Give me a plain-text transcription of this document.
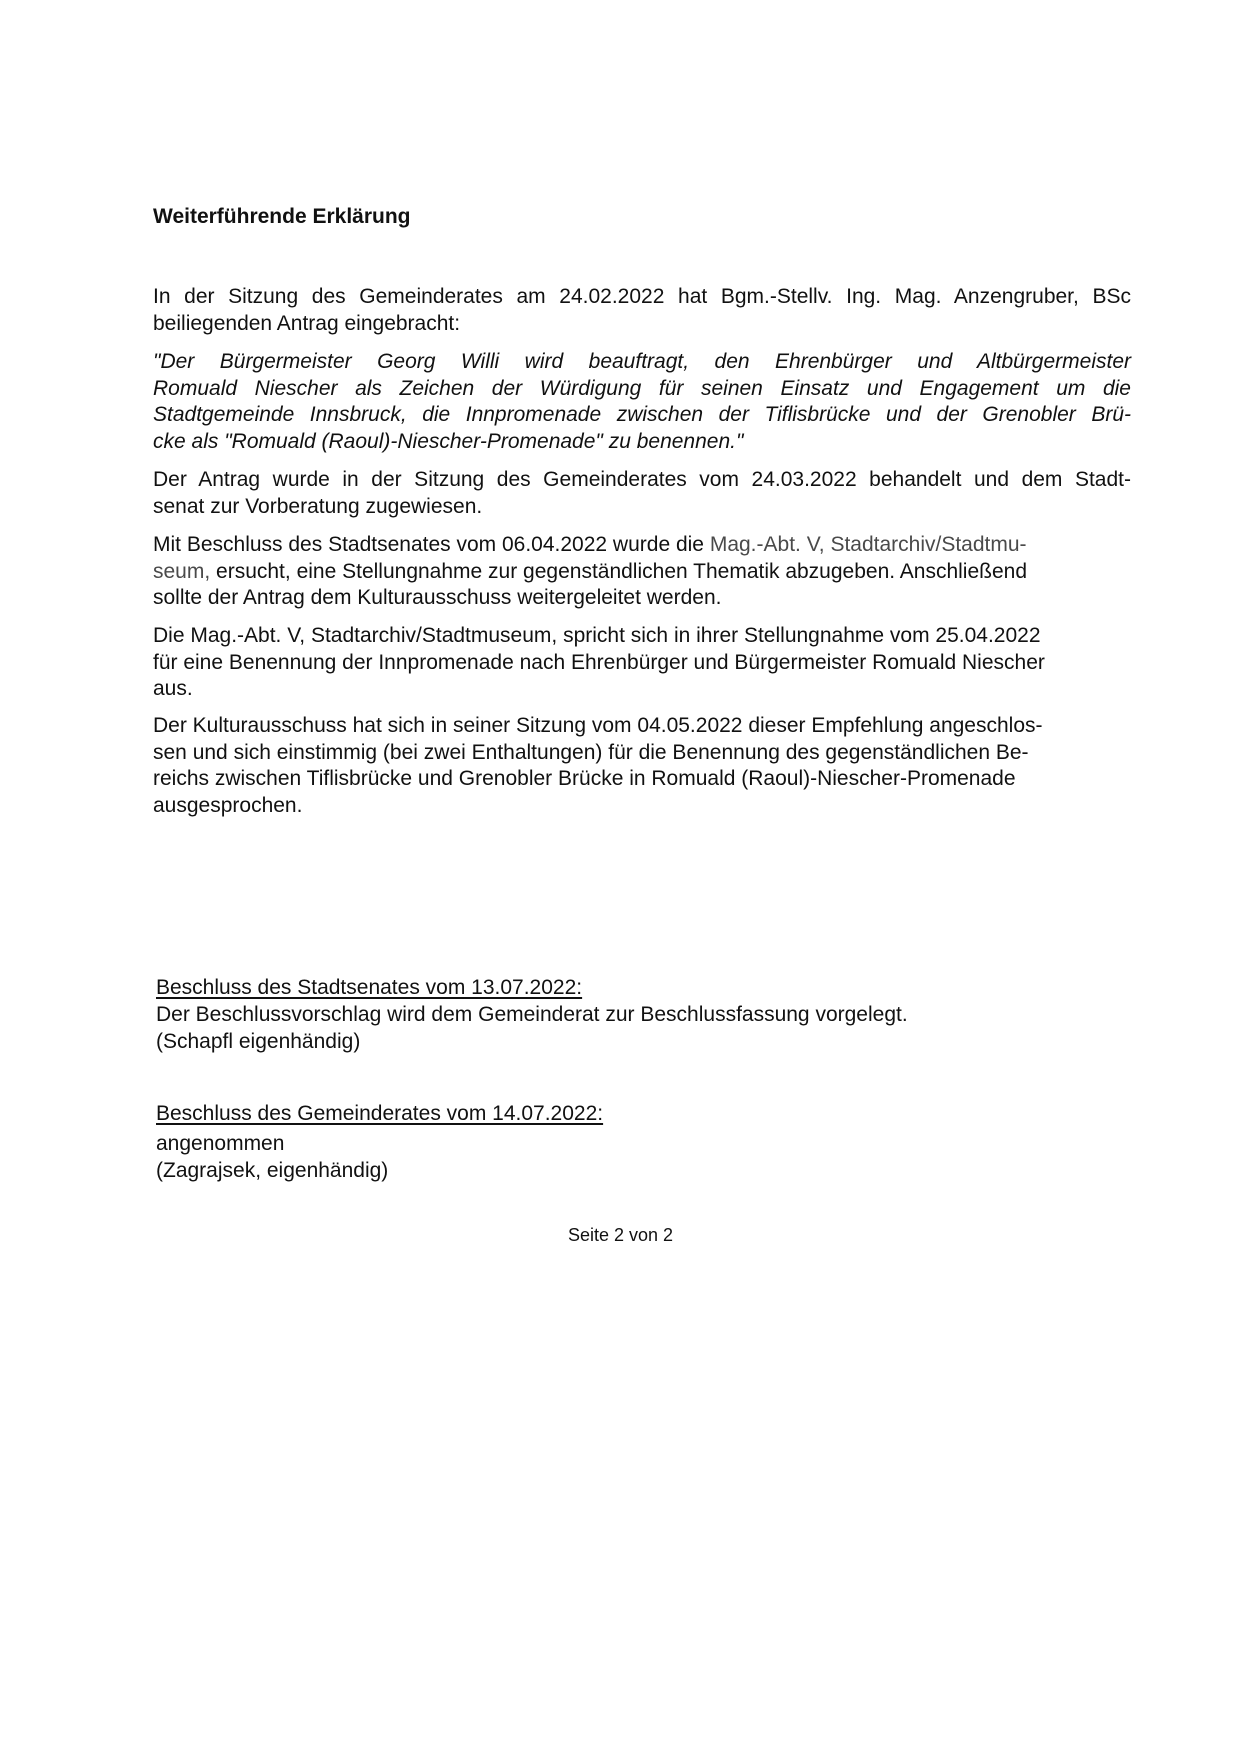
Weiterführende Erklärung

In der Sitzung des Gemeinderates am 24.02.2022 hat Bgm.-Stellv. Ing. Mag. Anzengruber, BSc
beiliegenden Antrag eingebracht:

"Der Bürgermeister Georg Willi wird beauftragt, den Ehrenbürger und Altbürgermeister
Romuald Niescher als Zeichen der Würdigung für seinen Einsatz und Engagement um die
Stadtgemeinde Innsbruck, die Innpromenade zwischen der Tiflisbrücke und der Grenobler Brü-
cke als "Romuald (Raoul)-Niescher-Promenade" zu benennen."

Der Antrag wurde in der Sitzung des Gemeinderates vom 24.03.2022 behandelt und dem Stadt-
senat zur Vorberatung zugewiesen.

Mit Beschluss des Stadtsenates vom 06.04.2022 wurde die Mag.-Abt. V, Stadtarchiv/Stadtmu-
seum, ersucht, eine Stellungnahme zur gegenständlichen Thematik abzugeben. Anschließend
sollte der Antrag dem Kulturausschuss weitergeleitet werden.

Die Mag.-Abt. V, Stadtarchiv/Stadtmuseum, spricht sich in ihrer Stellungnahme vom 25.04.2022
für eine Benennung der Innpromenade nach Ehrenbürger und Bürgermeister Romuald Niescher
aus.

Der Kulturausschuss hat sich in seiner Sitzung vom 04.05.2022 dieser Empfehlung angeschlos-
sen und sich einstimmig (bei zwei Enthaltungen) für die Benennung des gegenständlichen Be-
reichs zwischen Tiflisbrücke und Grenobler Brücke in Romuald (Raoul)-Niescher-Promenade
ausgesprochen.

Beschluss des Stadtsenates vom 13.07.2022:
Der Beschlussvorschlag wird dem Gemeinderat zur Beschlussfassung vorgelegt.
(Schapfl eigenhändig)
Beschluss des Gemeinderates vom 14.07.2022:
angenommen
(Zagrajsek, eigenhändig)
Seite 2 von 2
